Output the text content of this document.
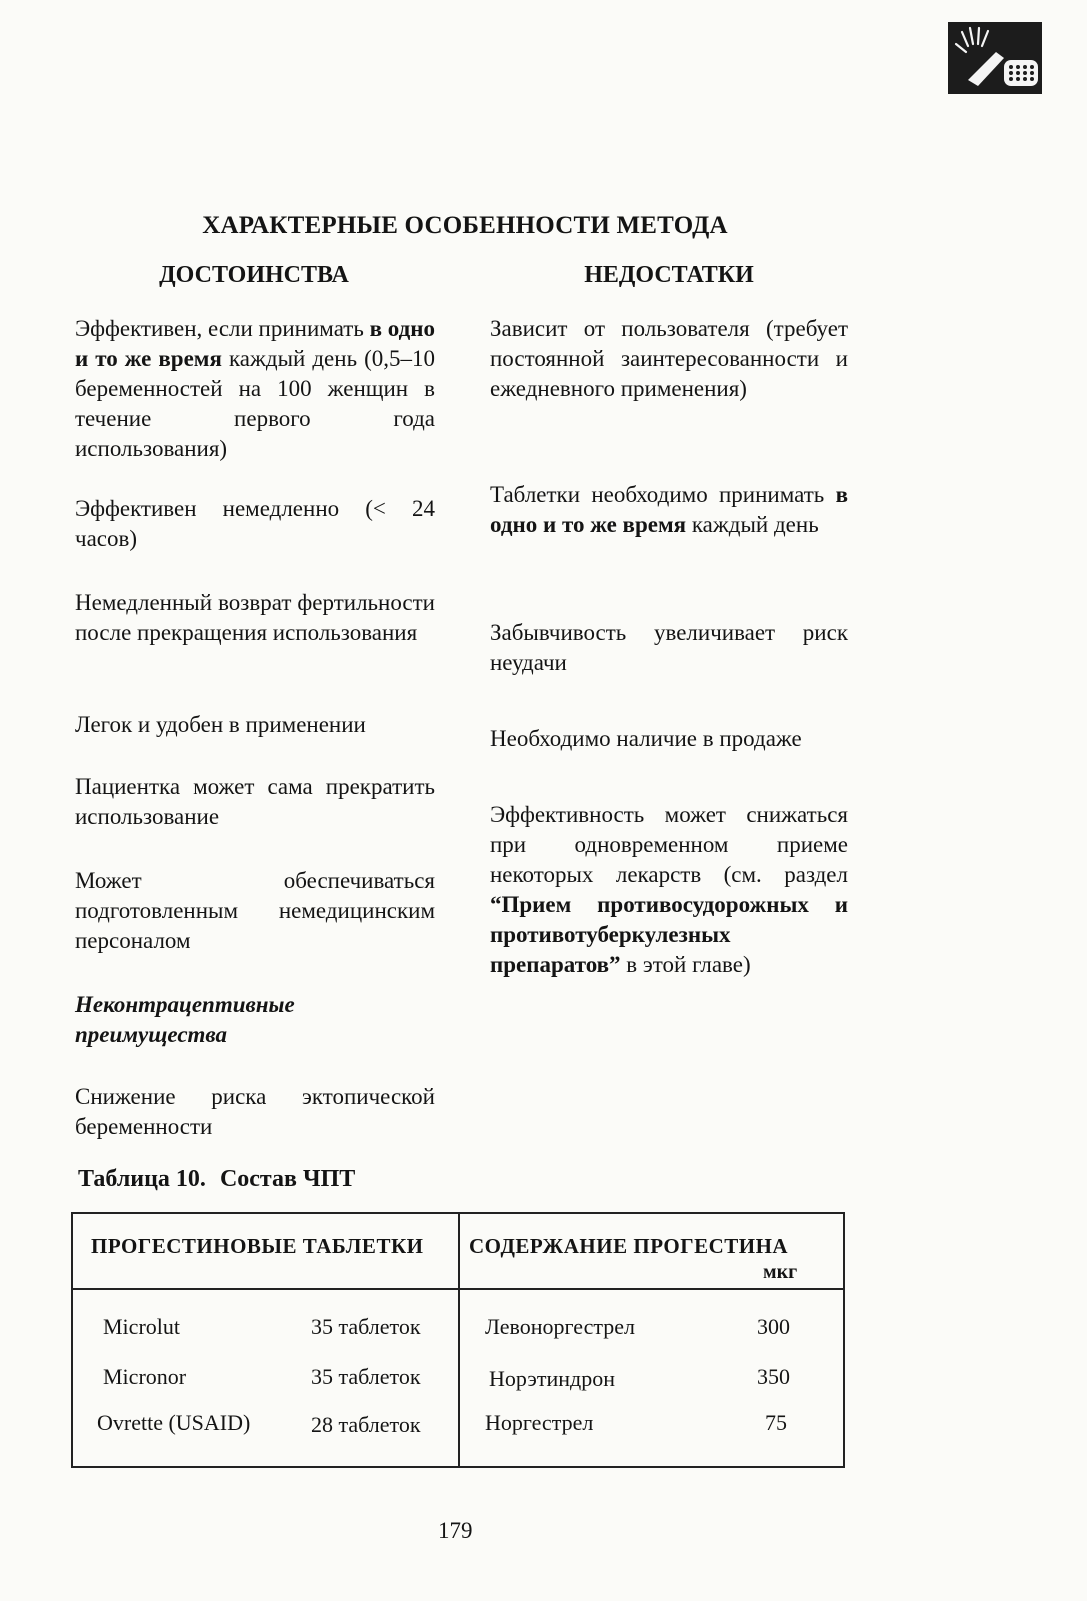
ХАРАКТЕРНЫЕ ОСОБЕННОСТИ МЕТОДА
ДОСТОИНСТВА	НЕДОСТАТКИ
Эффективен, если принимать в одно и то же время каждый день (0,5–10 беременностей на 100 женщин в течение первого года использования)
Эффективен немедленно (< 24 часов)
Немедленный возврат фертильности после прекращения использования
Легок и удобен в применении
Пациентка может сама прекратить использование
Может обеспечиваться подготовленным немедицинским персоналом
Неконтрацептивные преимущества
Снижение риска эктопической беременности
Зависит от пользователя (требует постоянной заинтересованности и ежедневного применения)
Таблетки необходимо принимать в одно и то же время каждый день
Забывчивость увеличивает риск неудачи
Необходимо наличие в продаже
Эффективность может снижаться при одновременном приеме некоторых лекарств (см. раздел “Прием противосудорожных и противотуберкулезных препаратов” в этой главе)
Таблица 10. Состав ЧПТ
ПРОГЕСТИНОВЫЕ ТАБЛЕТКИ СОДЕРЖАНИЕ ПРОГЕСТИНА
мкг
Microlut	35 таблеток	Левоноргестрел	300
Micronor	35 таблеток	Норэтиндрон	350
Ovrette (USAID)	28 таблеток	Норгестрел	75
179
